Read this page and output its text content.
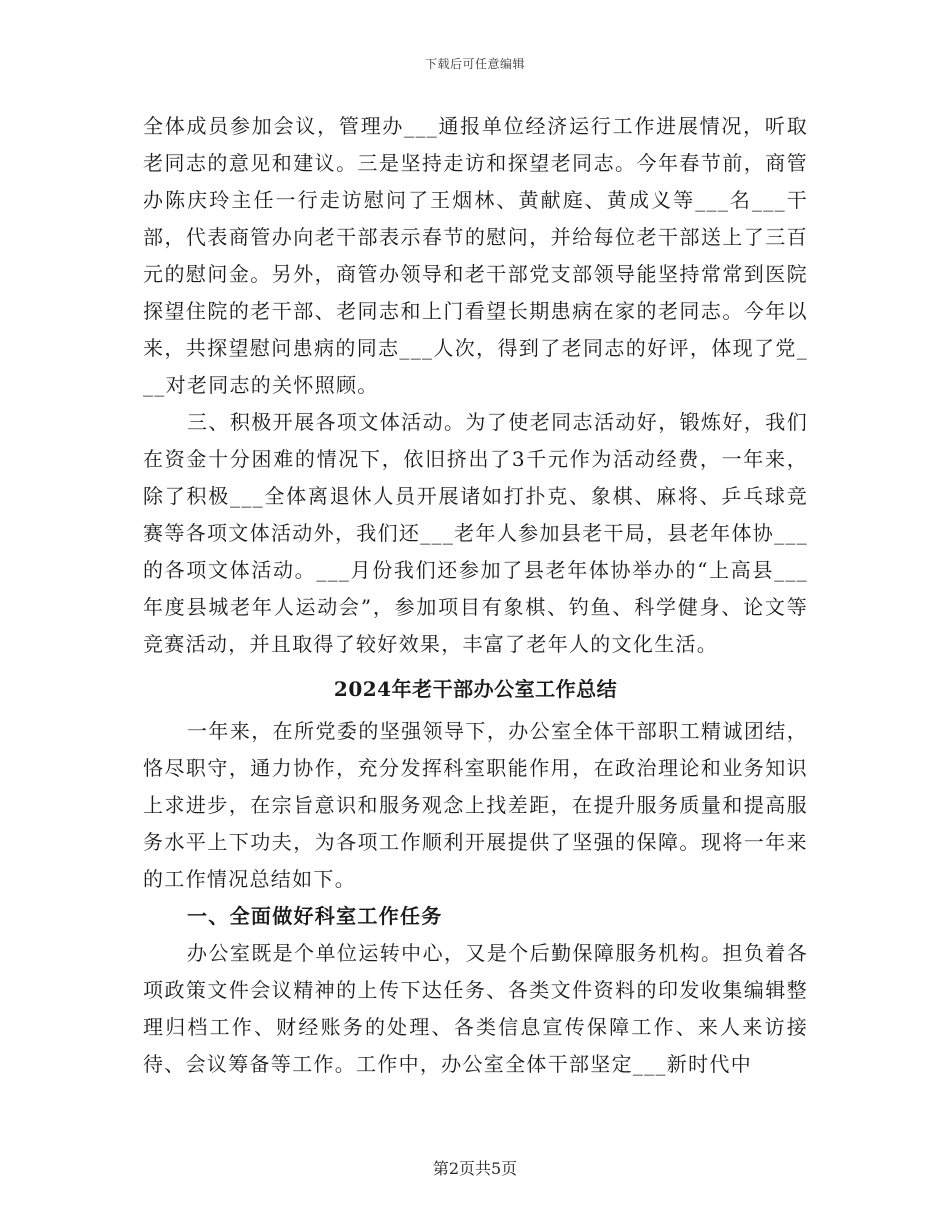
下载后可任意编辑

全体成员参加会议，管理办___通报单位经济运行工作进展情况，听取老同志的意见和建议。三是坚持走访和探望老同志。今年春节前，商管办陈庆玲主任一行走访慰问了王烟林、黄献庭、黄成义等___名___干部，代表商管办向老干部表示春节的慰问，并给每位老干部送上了三百元的慰问金。另外，商管办领导和老干部党支部领导能坚持常常到医院探望住院的老干部、老同志和上门看望长期患病在家的老同志。今年以来，共探望慰问患病的同志___人次，得到了老同志的好评，体现了党___对老同志的关怀照顾。

三、积极开展各项文体活动。为了使老同志活动好，锻炼好，我们在资金十分困难的情况下，依旧挤出了3千元作为活动经费，一年来，除了积极___全体离退休人员开展诸如打扑克、象棋、麻将、乒乓球竞赛等各项文体活动外，我们还___老年人参加县老干局，县老年体协___的各项文体活动。___月份我们还参加了县老年体协举办的“上高县___年度县城老年人运动会”，参加项目有象棋、钓鱼、科学健身、论文等竞赛活动，并且取得了较好效果，丰富了老年人的文化生活。

2024年老干部办公室工作总结

一年来，在所党委的坚强领导下，办公室全体干部职工精诚团结，恪尽职守，通力协作，充分发挥科室职能作用，在政治理论和业务知识上求进步，在宗旨意识和服务观念上找差距，在提升服务质量和提高服务水平上下功夫，为各项工作顺利开展提供了坚强的保障。现将一年来的工作情况总结如下。

一、全面做好科室工作任务

办公室既是个单位运转中心，又是个后勤保障服务机构。担负着各项政策文件会议精神的上传下达任务、各类文件资料的印发收集编辑整理归档工作、财经账务的处理、各类信息宣传保障工作、来人来访接待、会议筹备等工作。工作中，办公室全体干部坚定___新时代中

第2页共5页
